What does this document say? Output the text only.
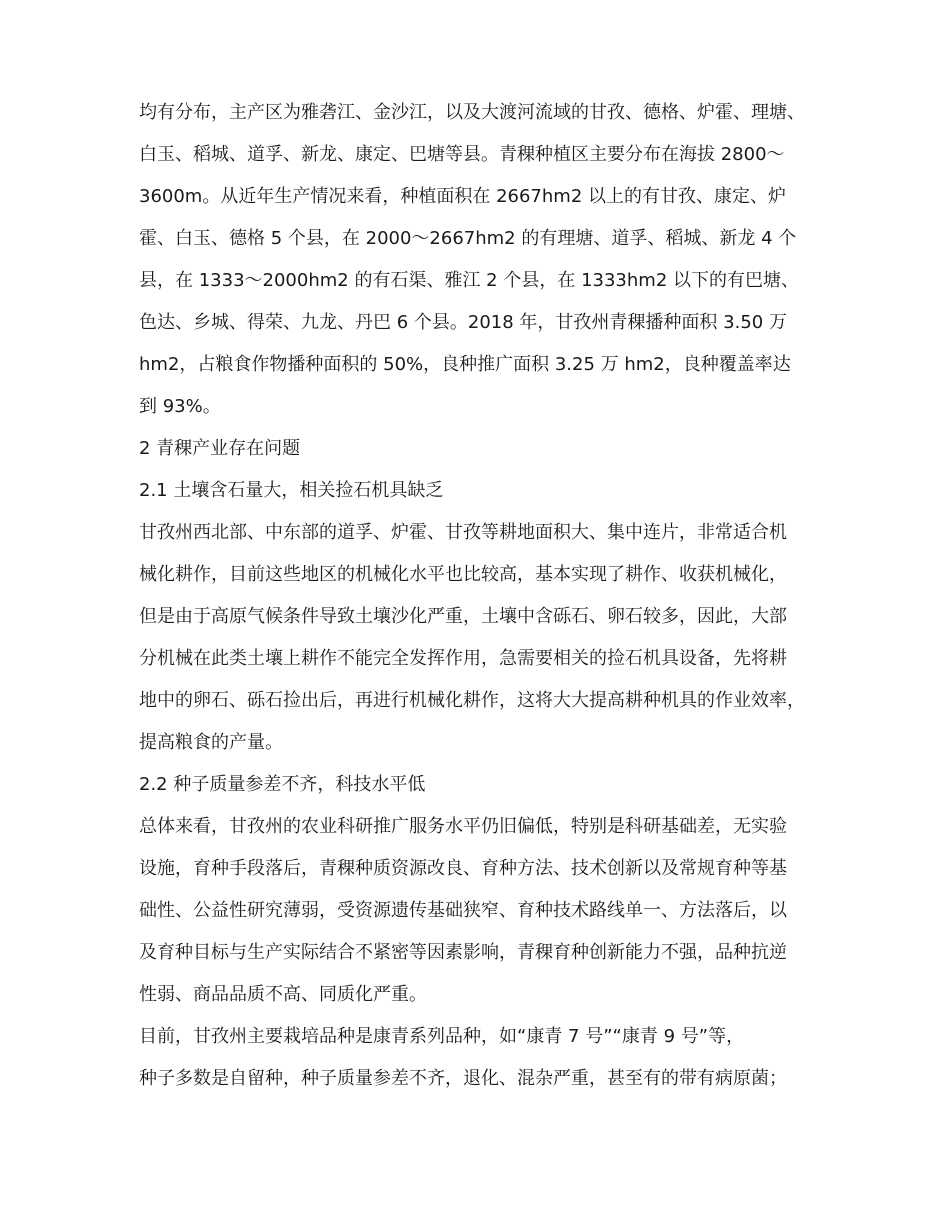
均有分布，主产区为雅砻江、金沙江，以及大渡河流域的甘孜、德格、炉霍、理塘、
白玉、稻城、道孚、新龙、康定、巴塘等县。青稞种植区主要分布在海拔 2800～
3600m。从近年生产情况来看，种植面积在 2667hm2 以上的有甘孜、康定、炉
霍、白玉、德格 5 个县，在 2000～2667hm2 的有理塘、道孚、稻城、新龙 4 个
县，在 1333～2000hm2 的有石渠、雅江 2 个县，在 1333hm2 以下的有巴塘、
色达、乡城、得荣、九龙、丹巴 6 个县。2018 年，甘孜州青稞播种面积 3.50 万
hm2，占粮食作物播种面积的 50%，良种推广面积 3.25 万 hm2，良种覆盖率达
到 93%。
2 青稞产业存在问题
2.1 土壤含石量大，相关捡石机具缺乏
甘孜州西北部、中东部的道孚、炉霍、甘孜等耕地面积大、集中连片，非常适合机
械化耕作，目前这些地区的机械化水平也比较高，基本实现了耕作、收获机械化，
但是由于高原气候条件导致土壤沙化严重，土壤中含砾石、卵石较多，因此，大部
分机械在此类土壤上耕作不能完全发挥作用，急需要相关的捡石机具设备，先将耕
地中的卵石、砾石捡出后，再进行机械化耕作，这将大大提高耕种机具的作业效率，
提高粮食的产量。
2.2 种子质量参差不齐，科技水平低
总体来看，甘孜州的农业科研推广服务水平仍旧偏低，特别是科研基础差，无实验
设施，育种手段落后，青稞种质资源改良、育种方法、技术创新以及常规育种等基
础性、公益性研究薄弱，受资源遗传基础狭窄、育种技术路线单一、方法落后，以
及育种目标与生产实际结合不紧密等因素影响，青稞育种创新能力不强，品种抗逆
性弱、商品品质不高、同质化严重。
目前，甘孜州主要栽培品种是康青系列品种，如“康青 7 号”“康青 9 号”等，
种子多数是自留种，种子质量参差不齐，退化、混杂严重，甚至有的带有病原菌；
